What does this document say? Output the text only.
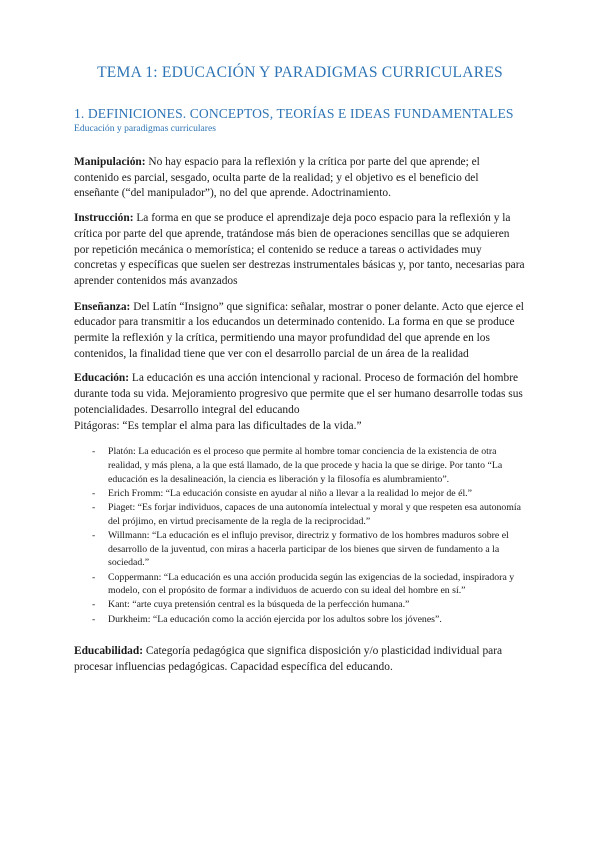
TEMA 1: EDUCACIÓN Y PARADIGMAS CURRICULARES
1. DEFINICIONES. CONCEPTOS, TEORÍAS E IDEAS FUNDAMENTALES
Educación y paradigmas curriculares

Manipulación: No hay espacio para la reflexión y la crítica por parte del que aprende; el contenido es parcial, sesgado, oculta parte de la realidad; y el objetivo es el beneficio del enseñante (“del manipulador”), no del que aprende. Adoctrinamiento.

Instrucción: La forma en que se produce el aprendizaje deja poco espacio para la reflexión y la crítica por parte del que aprende, tratándose más bien de operaciones sencillas que se adquieren por repetición mecánica o memorística; el contenido se reduce a tareas o actividades muy concretas y específicas que suelen ser destrezas instrumentales básicas y, por tanto, necesarias para aprender contenidos más avanzados

Enseñanza: Del Latín “Insigno” que significa: señalar, mostrar o poner delante. Acto que ejerce el educador para transmitir a los educandos un determinado contenido. La forma en que se produce permite la reflexión y la crítica, permitiendo una mayor profundidad del que aprende en los contenidos, la finalidad tiene que ver con el desarrollo parcial de un área de la realidad

Educación: La educación es una acción intencional y racional. Proceso de formación del hombre durante toda su vida. Mejoramiento progresivo que permite que el ser humano desarrolle todas sus potencialidades. Desarrollo integral del educando

Pitágoras: “Es templar el alma para las dificultades de la vida.”

- Platón: La educación es el proceso que permite al hombre tomar conciencia de la existencia de otra realidad, y más plena, a la que está llamado, de la que procede y hacia la que se dirige. Por tanto “La educación es la desalineación, la ciencia es liberación y la filosofía es alumbramiento”.
- Erich Fromm: “La educación consiste en ayudar al niño a llevar a la realidad lo mejor de él.”
- Piaget: “Es forjar individuos, capaces de una autonomía intelectual y moral y que respeten esa autonomía del prójimo, en virtud precisamente de la regla de la reciprocidad.”
- Willmann: “La educación es el influjo previsor, directriz y formativo de los hombres maduros sobre el desarrollo de la juventud, con miras a hacerla participar de los bienes que sirven de fundamento a la sociedad.”
- Coppermann: “La educación es una acción producida según las exigencias de la sociedad, inspiradora y modelo, con el propósito de formar a individuos de acuerdo con su ideal del hombre en sí.”
- Kant: “arte cuya pretensión central es la búsqueda de la perfección humana.”
- Durkheim: “La educación como la acción ejercida por los adultos sobre los jóvenes”.

Educabilidad: Categoría pedagógica que significa disposición y/o plasticidad individual para procesar influencias pedagógicas. Capacidad específica del educando.
